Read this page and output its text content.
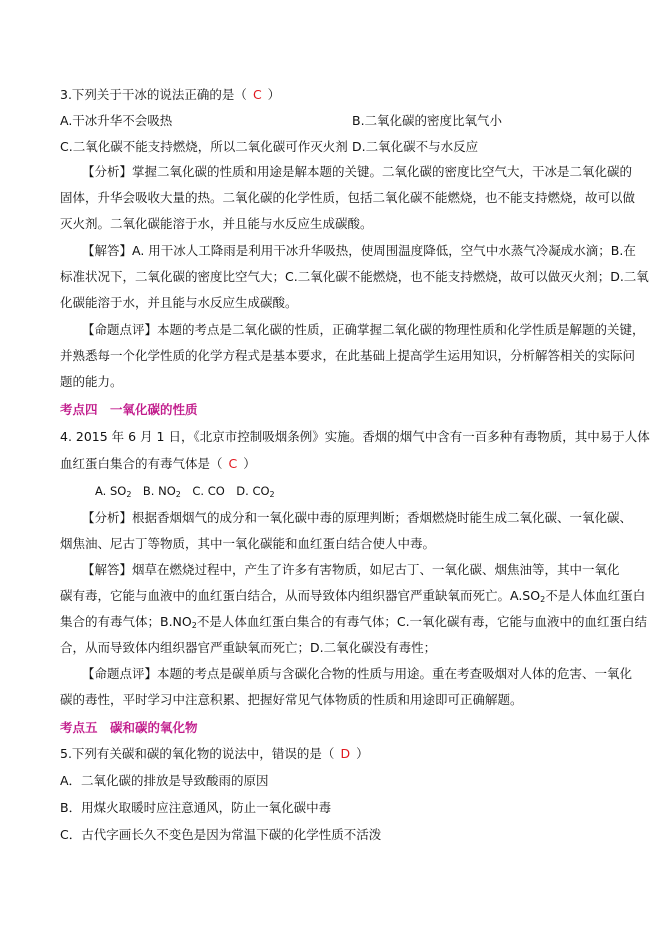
3.下列关于干冰的说法正确的是（ C ）
A.干冰升华不会吸热	B.二氧化碳的密度比氧气小
C.二氧化碳不能支持燃烧，所以二氧化碳可作灭火剂 D.二氧化碳不与水反应
【分析】掌握二氧化碳的性质和用途是解本题的关键。二氧化碳的密度比空气大，干冰是二氧化碳的
固体，升华会吸收大量的热。二氧化碳的化学性质，包括二氧化碳不能燃烧，也不能支持燃烧，故可以做
灭火剂。二氧化碳能溶于水，并且能与水反应生成碳酸。
【解答】A. 用干冰人工降雨是利用干冰升华吸热，使周围温度降低，空气中水蒸气冷凝成水滴；B.在
标准状况下，二氧化碳的密度比空气大；C.二氧化碳不能燃烧，也不能支持燃烧，故可以做灭火剂；D.二氧
化碳能溶于水，并且能与水反应生成碳酸。
【命题点评】本题的考点是二氧化碳的性质，正确掌握二氧化碳的物理性质和化学性质是解题的关键，
并熟悉每一个化学性质的化学方程式是基本要求，在此基础上提高学生运用知识，分析解答相关的实际问
题的能力。
考点四　一氧化碳的性质
4. 2015 年 6 月 1 日，《北京市控制吸烟条例》实施。香烟的烟气中含有一百多种有毒物质，其中易于人体
血红蛋白集合的有毒气体是（ C ）
A. $SO_2$　B. $NO_2$　C. CO　D. $CO_2$
【分析】根据香烟烟气的成分和一氧化碳中毒的原理判断；香烟燃烧时能生成二氧化碳、一氧化碳、
烟焦油、尼古丁等物质，其中一氧化碳能和血红蛋白结合使人中毒。
【解答】烟草在燃烧过程中，产生了许多有害物质，如尼古丁、一氧化碳、烟焦油等，其中一氧化
碳有毒，它能与血液中的血红蛋白结合，从而导致体内组织器官严重缺氧而死亡。$A.SO_2$不是人体血红蛋白
集合的有毒气体；$B.NO_2$不是人体血红蛋白集合的有毒气体；C.一氧化碳有毒，它能与血液中的血红蛋白结
合，从而导致体内组织器官严重缺氧而死亡；D.二氧化碳没有毒性；
【命题点评】本题的考点是碳单质与含碳化合物的性质与用途。重在考查吸烟对人体的危害、一氧化
碳的毒性，平时学习中注意积累、把握好常见气体物质的性质和用途即可正确解题。
考点五　碳和碳的氧化物
5.下列有关碳和碳的氧化物的说法中，错误的是（ D ）
A．二氧化碳的排放是导致酸雨的原因
B．用煤火取暖时应注意通风，防止一氧化碳中毒
C．古代字画长久不变色是因为常温下碳的化学性质不活泼
